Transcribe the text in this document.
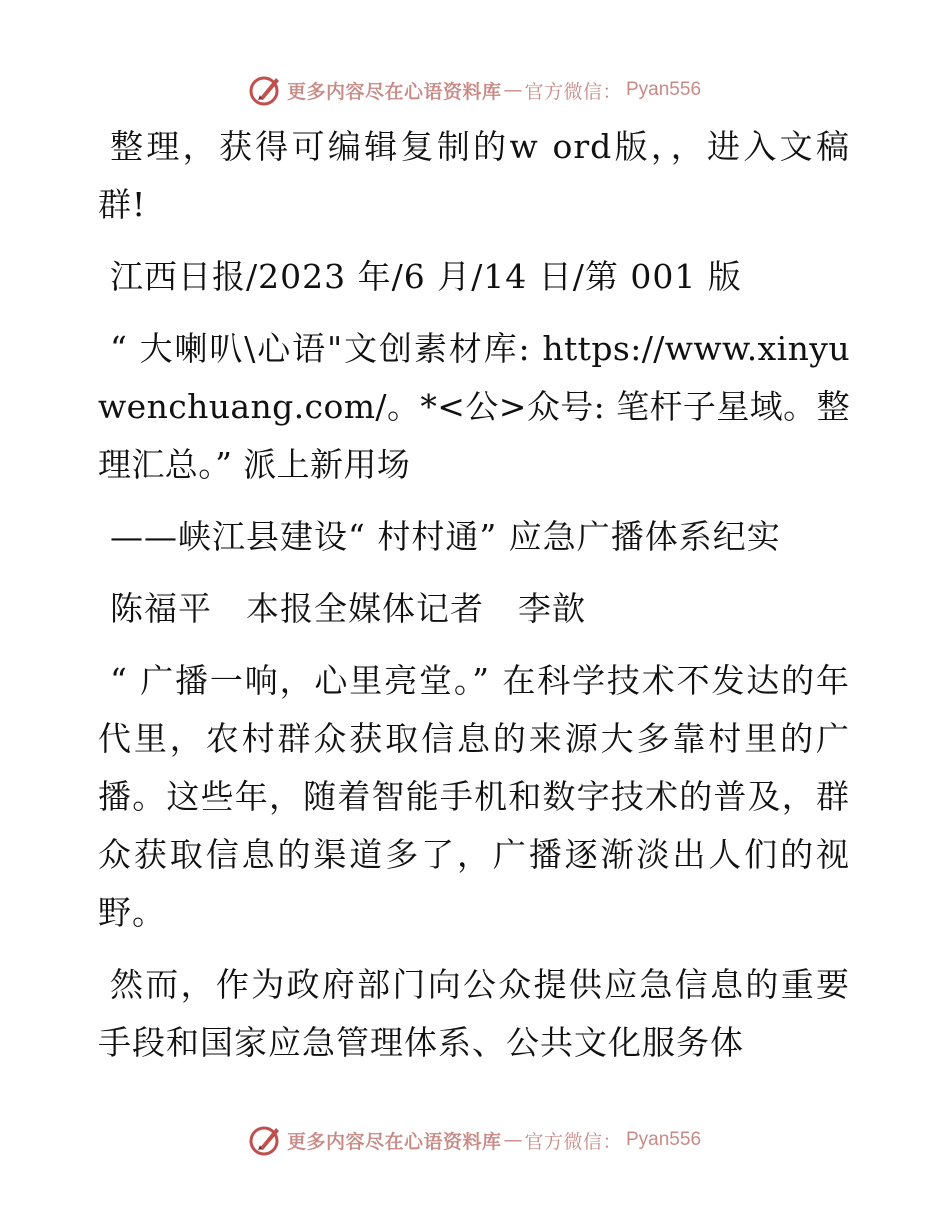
更多内容尽在心语资料库 — 官方微信： Pyan556

整理，获得可编辑复制的w ord版，，进入文稿群!

江西日报/2023 年/6 月/14 日/第 001 版

“ 大喇叭\心语"文创素材库: https://www.xinyuwenchuang.com/。*<公>众号: 笔杆子星域。整理汇总。” 派上新用场

——峡江县建设“ 村村通” 应急广播体系纪实

陈福平　本报全媒体记者　李歆

“ 广播一响，心里亮堂。” 在科学技术不发达的年代里，农村群众获取信息的来源大多靠村里的广播。这些年，随着智能手机和数字技术的普及，群众获取信息的渠道多了，广播逐渐淡出人们的视野。

然而，作为政府部门向公众提供应急信息的重要手段和国家应急管理体系、公共文化服务体

更多内容尽在心语资料库 — 官方微信： Pyan556
